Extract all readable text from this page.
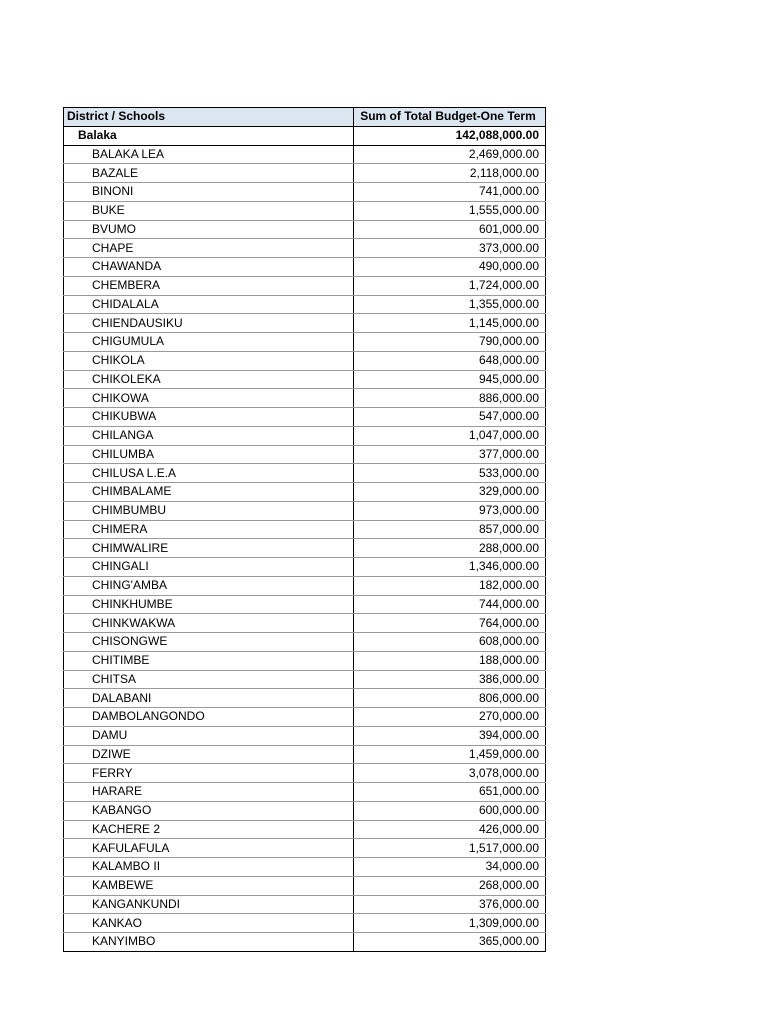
District / Schools	Sum of Total Budget-One Term
Balaka	142,088,000.00
BALAKA LEA	2,469,000.00
BAZALE	2,118,000.00
BINONI	741,000.00
BUKE	1,555,000.00
BVUMO	601,000.00
CHAPE	373,000.00
CHAWANDA	490,000.00
CHEMBERA	1,724,000.00
CHIDALALA	1,355,000.00
CHIENDAUSIKU	1,145,000.00
CHIGUMULA	790,000.00
CHIKOLA	648,000.00
CHIKOLEKA	945,000.00
CHIKOWA	886,000.00
CHIKUBWA	547,000.00
CHILANGA	1,047,000.00
CHILUMBA	377,000.00
CHILUSA L.E.A	533,000.00
CHIMBALAME	329,000.00
CHIMBUMBU	973,000.00
CHIMERA	857,000.00
CHIMWALIRE	288,000.00
CHINGALI	1,346,000.00
CHING'AMBA	182,000.00
CHINKHUMBE	744,000.00
CHINKWAKWA	764,000.00
CHISONGWE	608,000.00
CHITIMBE	188,000.00
CHITSA	386,000.00
DALABANI	806,000.00
DAMBOLANGONDO	270,000.00
DAMU	394,000.00
DZIWE	1,459,000.00
FERRY	3,078,000.00
HARARE	651,000.00
KABANGO	600,000.00
KACHERE 2	426,000.00
KAFULAFULA	1,517,000.00
KALAMBO II	34,000.00
KAMBEWE	268,000.00
KANGANKUNDI	376,000.00
KANKAO	1,309,000.00
KANYIMBO	365,000.00
